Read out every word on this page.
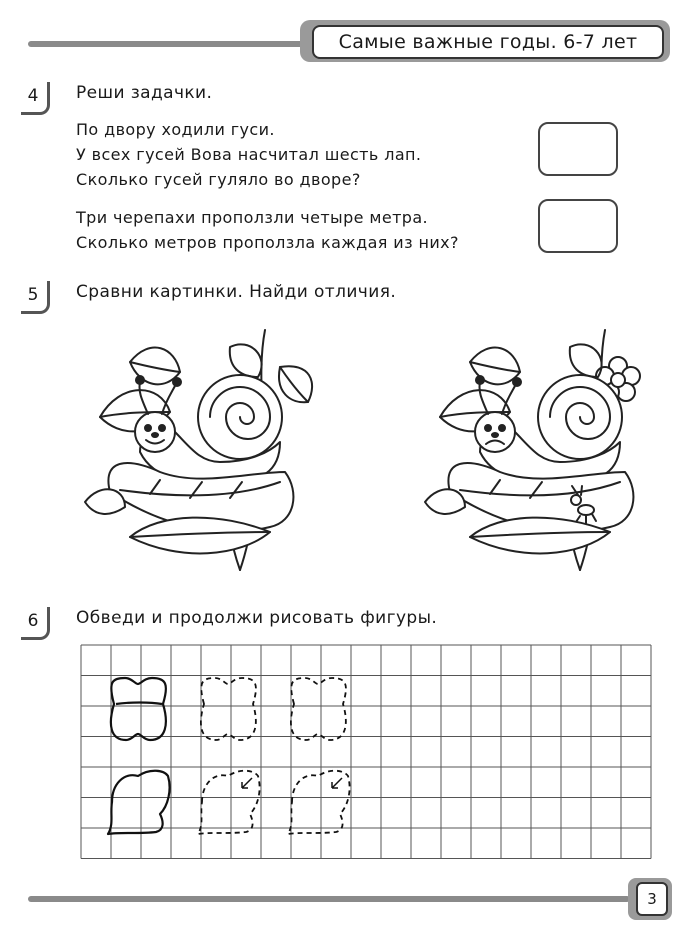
Самые важные годы. 6-7 лет
4 Реши задачки.
По двору ходили гуси.
У всех гусей Вова насчитал шесть лап.
Сколько гусей гуляло во дворе?
Три черепахи проползли четыре метра.
Сколько метров проползла каждая из них?
5 Сравни картинки. Найди отличия.
6 Обведи и продолжи рисовать фигуры.
3
